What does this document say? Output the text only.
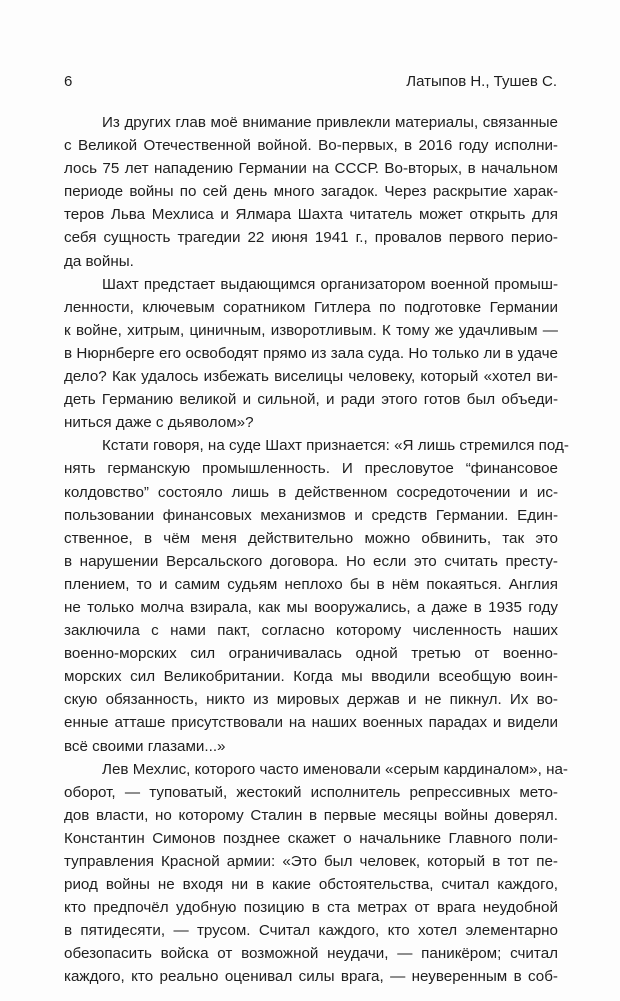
6	Латыпов Н., Тушев С.
Из других глав моё внимание привлекли материалы, связанные
с Великой Отечественной войной. Во-первых, в 2016 году исполни-
лось 75 лет нападению Германии на СССР. Во-вторых, в начальном
периоде войны по сей день много загадок. Через раскрытие харак-
теров Льва Мехлиса и Ялмара Шахта читатель может открыть для
себя сущность трагедии 22 июня 1941 г., провалов первого перио-
да войны.
Шахт предстает выдающимся организатором военной промыш-
ленности, ключевым соратником Гитлера по подготовке Германии
к войне, хитрым, циничным, изворотливым. К тому же удачливым —
в Нюрнберге его освободят прямо из зала суда. Но только ли в удаче
дело? Как удалось избежать виселицы человеку, который «хотел ви-
деть Германию великой и сильной, и ради этого готов был объеди-
ниться даже с дьяволом»?
Кстати говоря, на суде Шахт признается: «Я лишь стремился под-
нять германскую промышленность. И пресловутое “финансовое
колдовство” состояло лишь в действенном сосредоточении и ис-
пользовании финансовых механизмов и средств Германии. Един-
ственное, в чём меня действительно можно обвинить, так это
в нарушении Версальского договора. Но если это считать престу-
плением, то и самим судьям неплохо бы в нём покаяться. Англия
не только молча взирала, как мы вооружались, а даже в 1935 году
заключила с нами пакт, согласно которому численность наших
военно-морских сил ограничивалась одной третью от военно-
морских сил Великобритании. Когда мы вводили всеобщую воин-
скую обязанность, никто из мировых держав и не пикнул. Их во-
енные атташе присутствовали на наших военных парадах и видели
всё своими глазами...»
Лев Мехлис, которого часто именовали «серым кардиналом», на-
оборот, — туповатый, жестокий исполнитель репрессивных мето-
дов власти, но которому Сталин в первые месяцы войны доверял.
Константин Симонов позднее скажет о начальнике Главного поли-
туправления Красной армии: «Это был человек, который в тот пе-
риод войны не входя ни в какие обстоятельства, считал каждого,
кто предпочёл удобную позицию в ста метрах от врага неудобной
в пятидесяти, — трусом. Считал каждого, кто хотел элементарно
обезопасить войска от возможной неудачи, — паникёром; считал
каждого, кто реально оценивал силы врага, — неуверенным в соб-
